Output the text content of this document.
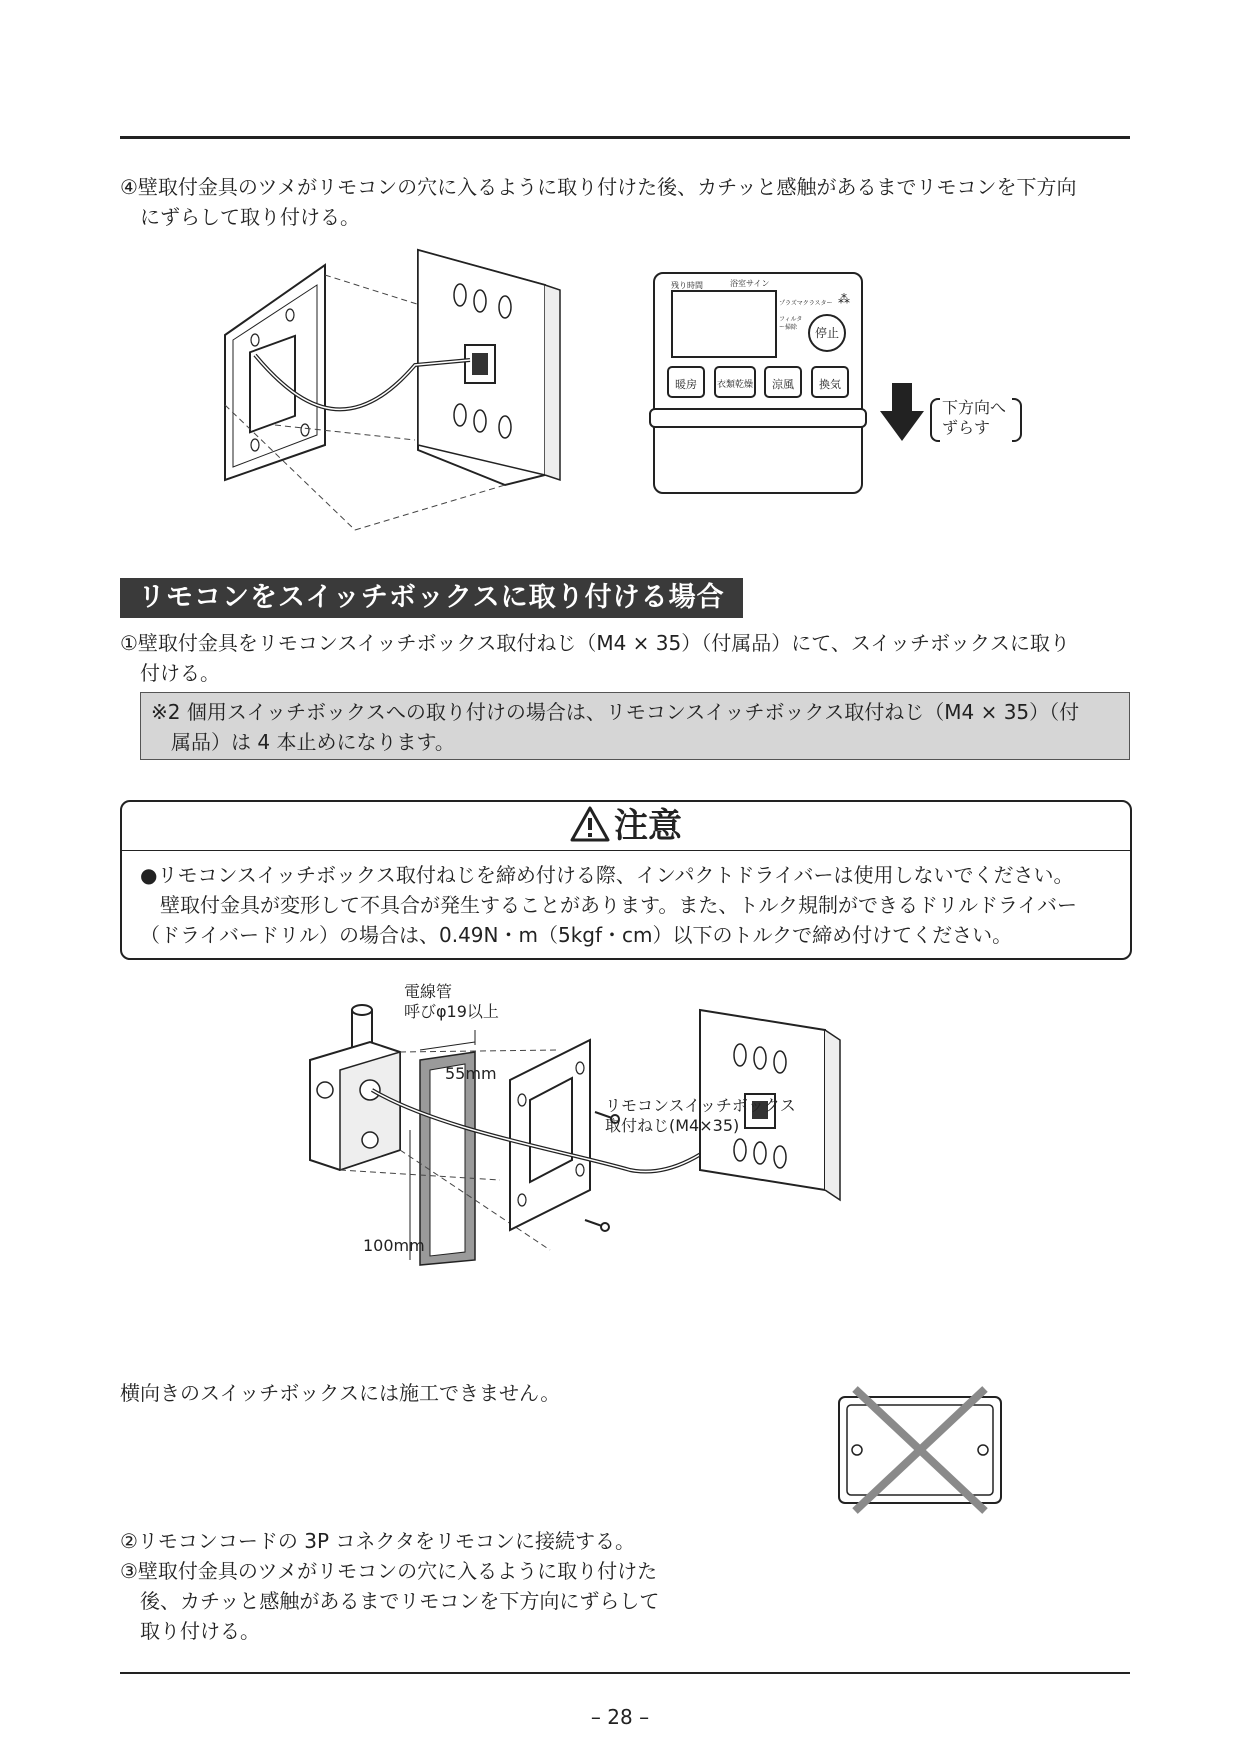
④壁取付金具のツメがリモコンの穴に入るように取り付けた後、カチッと感触があるまでリモコンを下方向
にずらして取り付ける。
残り時間	浴室サイン
プラズマクラスター ⁂
フィルター掃除	停止
暖房	衣類乾燥	涼風	換気
下方向へ
ずらす
リモコンをスイッチボックスに取り付ける場合
①壁取付金具をリモコンスイッチボックス取付ねじ（M4 × 35）（付属品）にて、スイッチボックスに取り
付ける。
※2 個用スイッチボックスへの取り付けの場合は、リモコンスイッチボックス取付ねじ（M4 × 35）（付
属品）は 4 本止めになります。
注意
●リモコンスイッチボックス取付ねじを締め付ける際、インパクトドライバーは使用しないでください。
壁取付金具が変形して不具合が発生することがあります。また、トルク規制ができるドリルドライバー
（ドライバードリル）の場合は、0.49N・m（5kgf・cm）以下のトルクで締め付けてください。
電線管
呼びφ19以上
55mm
100mm
リモコンスイッチボックス
取付ねじ(M4×35)
横向きのスイッチボックスには施工できません。
②リモコンコードの 3P コネクタをリモコンに接続する。
③壁取付金具のツメがリモコンの穴に入るように取り付けた
後、カチッと感触があるまでリモコンを下方向にずらして
取り付ける。
– 28 –
